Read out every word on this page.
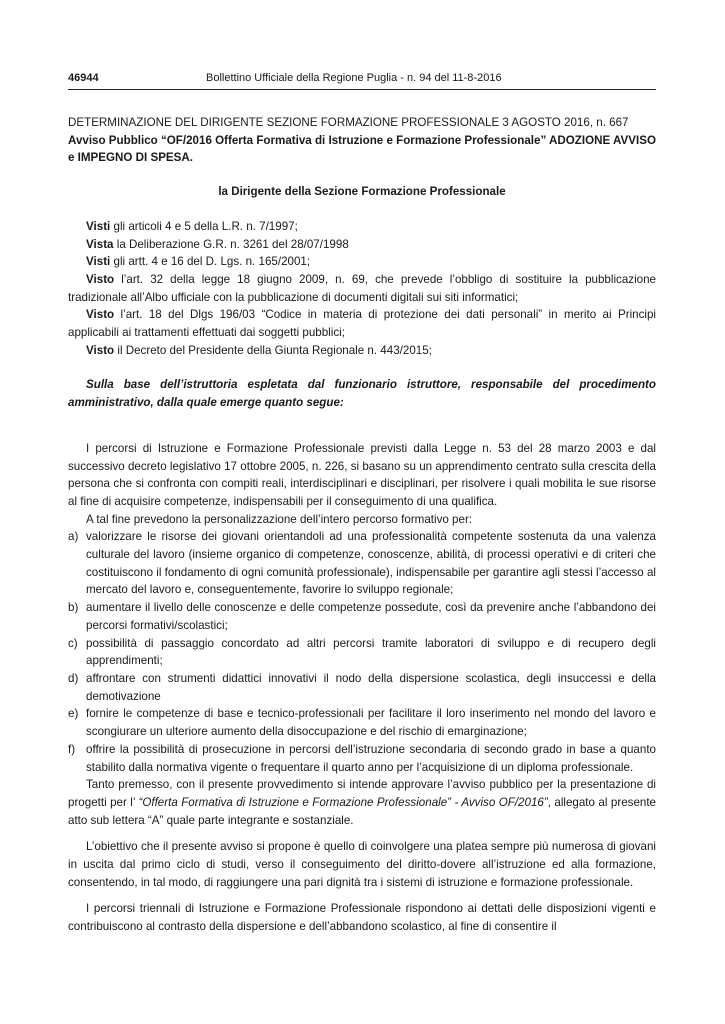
46944	Bollettino Ufficiale della Regione Puglia - n. 94 del 11-8-2016

DETERMINAZIONE DEL DIRIGENTE SEZIONE FORMAZIONE PROFESSIONALE 3 AGOSTO 2016, n. 667

Avviso Pubblico “OF/2016 Offerta Formativa di Istruzione e Formazione Professionale” ADOZIONE AVVISO e IMPEGNO DI SPESA.

la Dirigente della Sezione Formazione Professionale

Visti gli articoli 4 e 5 della L.R. n. 7/1997;

Vista la Deliberazione G.R. n. 3261 del 28/07/1998

Visti gli artt. 4 e 16 del D. Lgs. n. 165/2001;

Visto l’art. 32 della legge 18 giugno 2009, n. 69, che prevede l’obbligo di sostituire la pubblicazione tradizionale all’Albo ufficiale con la pubblicazione di documenti digitali sui siti informatici;

Visto l’art. 18 del Dlgs 196/03 “Codice in materia di protezione dei dati personali” in merito ai Principi applicabili ai trattamenti effettuati dai soggetti pubblici;

Visto il Decreto del Presidente della Giunta Regionale n. 443/2015;

Sulla base dell’istruttoria espletata dal funzionario istruttore, responsabile del procedimento amministrativo, dalla quale emerge quanto segue:

I percorsi di Istruzione e Formazione Professionale previsti dalla Legge n. 53 del 28 marzo 2003 e dal successivo decreto legislativo 17 ottobre 2005, n. 226, si basano su un apprendimento centrato sulla crescita della persona che si confronta con compiti reali, interdisciplinari e disciplinari, per risolvere i quali mobilita le sue risorse al fine di acquisire competenze, indispensabili per il conseguimento di una qualifica.

A tal fine prevedono la personalizzazione dell’intero percorso formativo per:

a) valorizzare le risorse dei giovani orientandoli ad una professionalità competente sostenuta da una valenza culturale del lavoro (insieme organico di competenze, conoscenze, abilità, di processi operativi e di criteri che costituiscono il fondamento di ogni comunità professionale), indispensabile per garantire agli stessi l’accesso al mercato del lavoro e, conseguentemente, favorire lo sviluppo regionale;
b) aumentare il livello delle conoscenze e delle competenze possedute, così da prevenire anche l’abbandono dei percorsi formativi/scolastici;
c) possibilità di passaggio concordato ad altri percorsi tramite laboratori di sviluppo e di recupero degli apprendimenti;
d) affrontare con strumenti didattici innovativi il nodo della dispersione scolastica, degli insuccessi e della demotivazione
e) fornire le competenze di base e tecnico-professionali per facilitare il loro inserimento nel mondo del lavoro e scongiurare un ulteriore aumento della disoccupazione e del rischio di emarginazione;
f) offrire la possibilità di prosecuzione in percorsi dell’istruzione secondaria di secondo grado in base a quanto stabilito dalla normativa vigente o frequentare il quarto anno per l’acquisizione di un diploma professionale.

Tanto premesso, con il presente provvedimento si intende approvare l’avviso pubblico per la presentazione di progetti per l’ “Offerta Formativa di Istruzione e Formazione Professionale” - Avviso OF/2016”, allegato al presente atto sub lettera “A” quale parte integrante e sostanziale.

L’obiettivo che il presente avviso si propone è quello di coinvolgere una platea sempre più numerosa di giovani in uscita dal primo ciclo di studi, verso il conseguimento del diritto-dovere all’istruzione ed alla formazione, consentendo, in tal modo, di raggiungere una pari dignità tra i sistemi di istruzione e formazione professionale.

I percorsi triennali di Istruzione e Formazione Professionale rispondono ai dettati delle disposizioni vigenti e contribuiscono al contrasto della dispersione e dell’abbandono scolastico, al fine di consentire il
